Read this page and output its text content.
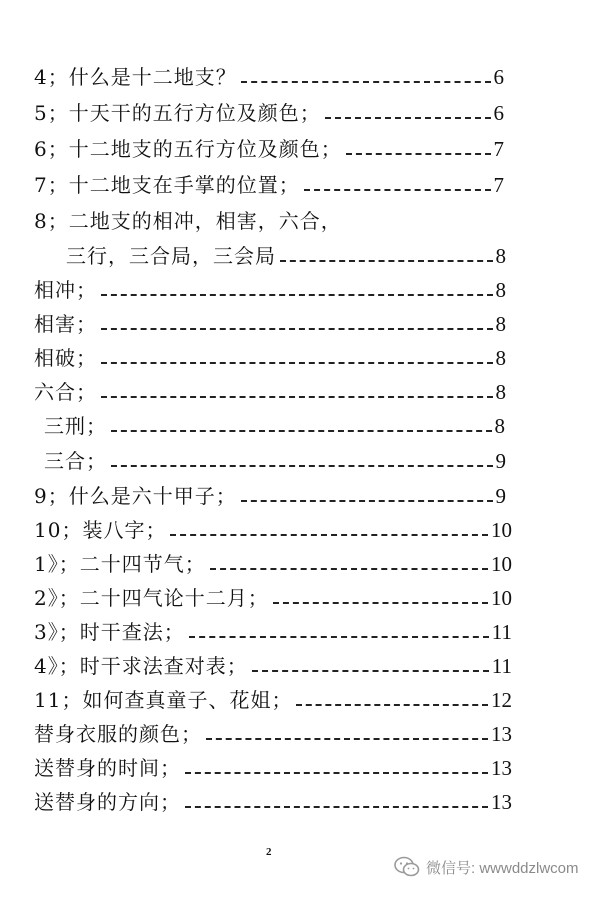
4；什么是十二地支？	6
5；十天干的五行方位及颜色；	6
6；十二地支的五行方位及颜色；	7
7；十二地支在手掌的位置；	7
8；二地支的相冲，相害，六合，
三行，三合局，三会局	8
相冲；	8
相害；	8
相破；	8
六合；	8
三刑；	8
三合；	9
9；什么是六十甲子；	9
10；装八字；	10
1》；二十四节气；	10
2》；二十四气论十二月；	10
3》；时干查法；	11
4》；时干求法查对表；	11
11；如何查真童子、花姐；	12
替身衣服的颜色；	13
送替身的时间；	13
送替身的方向；	13
2
微信号: wwwddzlwcom
